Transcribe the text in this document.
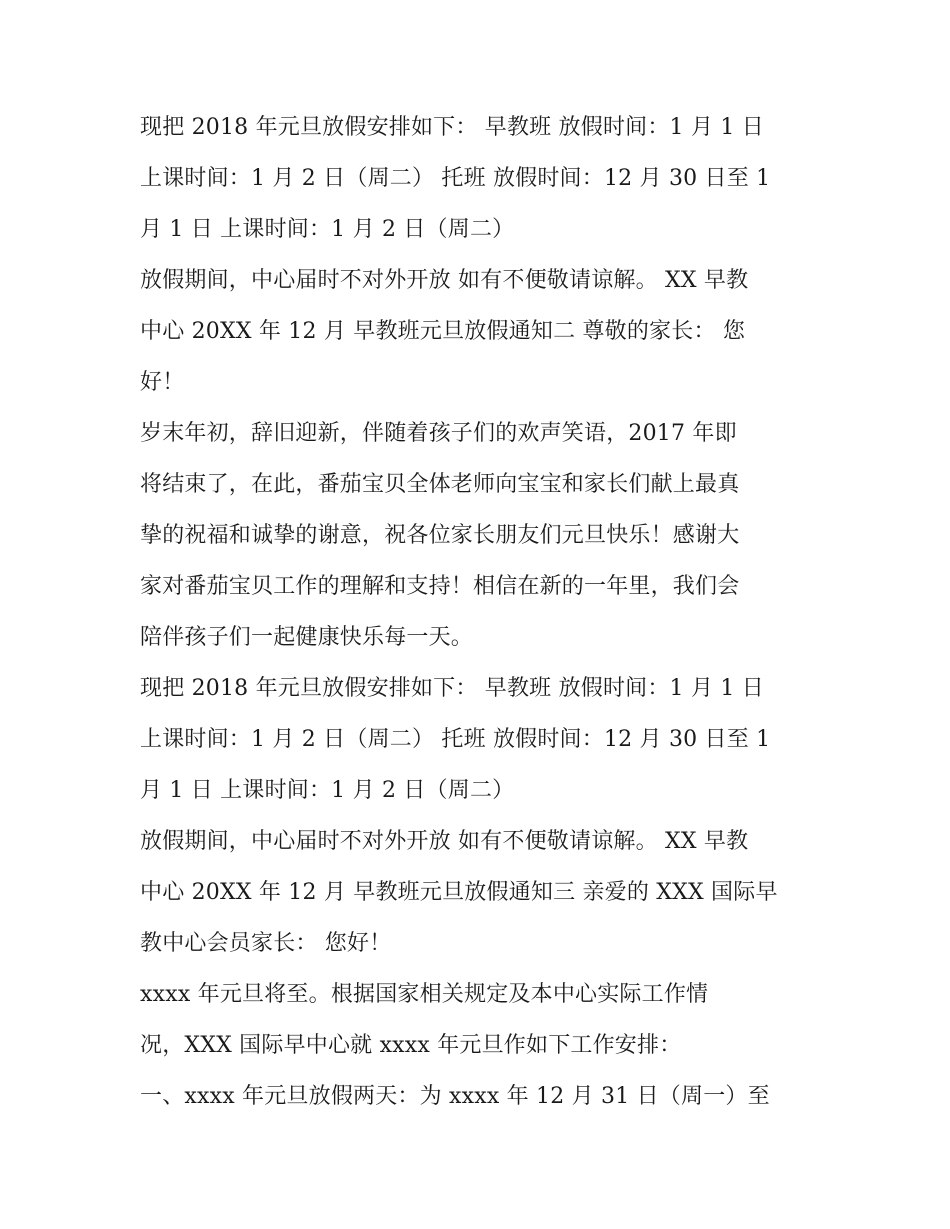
现把 2018 年元旦放假安排如下： 早教班 放假时间：1 月 1 日
上课时间：1 月 2 日（周二） 托班 放假时间：12 月 30 日至 1
月 1 日 上课时间：1 月 2 日（周二）
放假期间，中心届时不对外开放 如有不便敬请谅解。 XX 早教
中心 20XX 年 12 月 早教班元旦放假通知二 尊敬的家长： 您
好！
岁末年初，辞旧迎新，伴随着孩子们的欢声笑语，2017 年即
将结束了，在此，番茄宝贝全体老师向宝宝和家长们献上最真
挚的祝福和诚挚的谢意，祝各位家长朋友们元旦快乐！感谢大
家对番茄宝贝工作的理解和支持！相信在新的一年里，我们会
陪伴孩子们一起健康快乐每一天。
现把 2018 年元旦放假安排如下： 早教班 放假时间：1 月 1 日
上课时间：1 月 2 日（周二） 托班 放假时间：12 月 30 日至 1
月 1 日 上课时间：1 月 2 日（周二）
放假期间，中心届时不对外开放 如有不便敬请谅解。 XX 早教
中心 20XX 年 12 月 早教班元旦放假通知三 亲爱的 XXX 国际早
教中心会员家长： 您好！
xxxx 年元旦将至。根据国家相关规定及本中心实际工作情
况，XXX 国际早中心就 xxxx 年元旦作如下工作安排：
一、xxxx 年元旦放假两天：为 xxxx 年 12 月 31 日（周一）至
